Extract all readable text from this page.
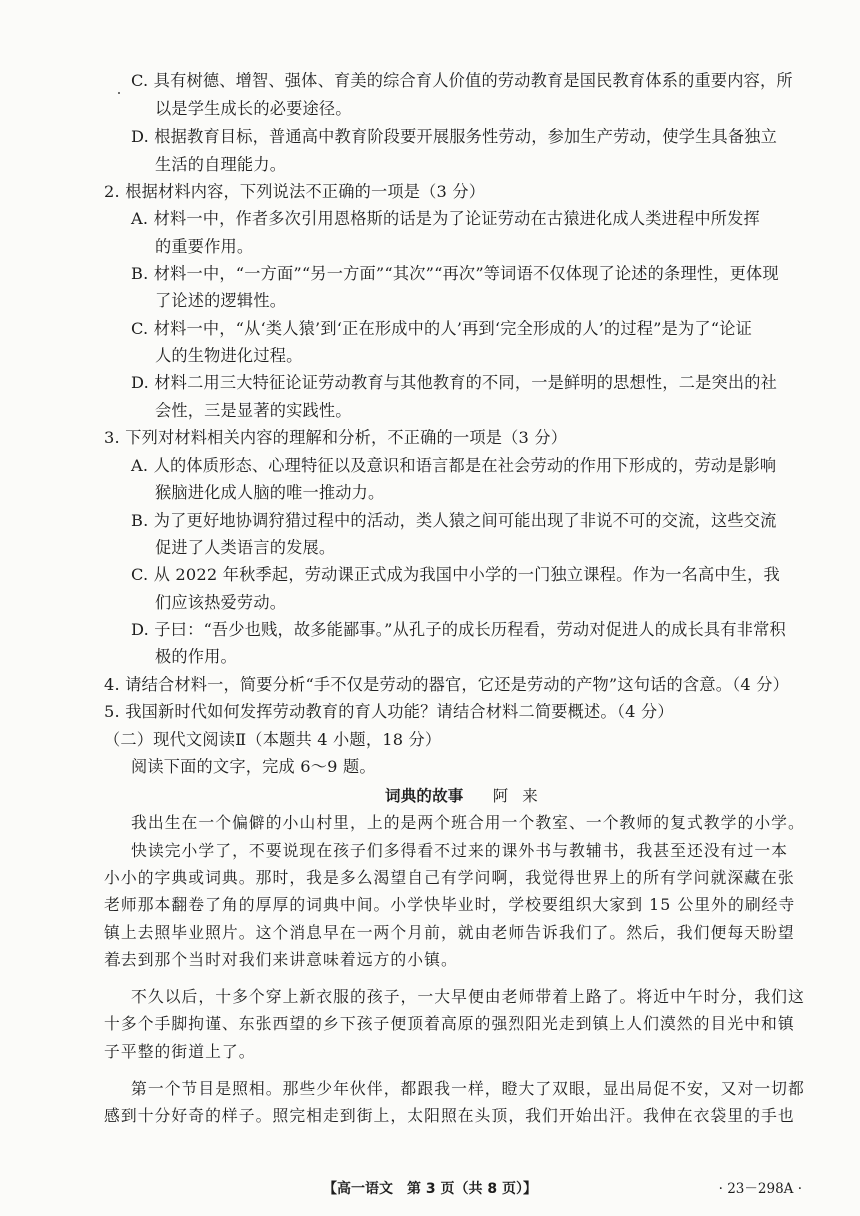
C. 具有树德、增智、强体、育美的综合育人价值的劳动教育是国民教育体系的重要内容，所
以是学生成长的必要途径。
D. 根据教育目标，普通高中教育阶段要开展服务性劳动，参加生产劳动，使学生具备独立
生活的自理能力。
2. 根据材料内容，下列说法不正确的一项是（3 分）
A. 材料一中，作者多次引用恩格斯的话是为了论证劳动在古猿进化成人类进程中所发挥
的重要作用。
B. 材料一中，“一方面”“另一方面”“其次”“再次”等词语不仅体现了论述的条理性，更体现
了论述的逻辑性。
C. 材料一中，“从‘类人猿’到‘正在形成中的人’再到‘完全形成的人’的过程”是为了“论证
人的生物进化过程。
D. 材料二用三大特征论证劳动教育与其他教育的不同，一是鲜明的思想性，二是突出的社
会性，三是显著的实践性。
3. 下列对材料相关内容的理解和分析，不正确的一项是（3 分）
A. 人的体质形态、心理特征以及意识和语言都是在社会劳动的作用下形成的，劳动是影响
猴脑进化成人脑的唯一推动力。
B. 为了更好地协调狩猎过程中的活动，类人猿之间可能出现了非说不可的交流，这些交流
促进了人类语言的发展。
C. 从 2022 年秋季起，劳动课正式成为我国中小学的一门独立课程。作为一名高中生，我
们应该热爱劳动。
D. 子曰：“吾少也贱，故多能鄙事。”从孔子的成长历程看，劳动对促进人的成长具有非常积
极的作用。
4. 请结合材料一，简要分析“手不仅是劳动的器官，它还是劳动的产物”这句话的含意。（4 分）
5. 我国新时代如何发挥劳动教育的育人功能？请结合材料二简要概述。（4 分）
（二）现代文阅读Ⅱ（本题共 4 小题，18 分）
阅读下面的文字，完成 6～9 题。
词典的故事 阿来
我出生在一个偏僻的小山村里，上的是两个班合用一个教室、一个教师的复式教学的小学。
快读完小学了，不要说现在孩子们多得看不过来的课外书与教辅书，我甚至还没有过一本
小小的字典或词典。那时，我是多么渴望自己有学问啊，我觉得世界上的所有学问就深藏在张
老师那本翻卷了角的厚厚的词典中间。小学快毕业时，学校要组织大家到 15 公里外的刷经寺
镇上去照毕业照片。这个消息早在一两个月前，就由老师告诉我们了。然后，我们便每天盼望
着去到那个当时对我们来讲意味着远方的小镇。
不久以后，十多个穿上新衣服的孩子，一大早便由老师带着上路了。将近中午时分，我们这
十多个手脚拘谨、东张西望的乡下孩子便顶着高原的强烈阳光走到镇上人们漠然的目光中和镇
子平整的街道上了。
第一个节目是照相。那些少年伙伴，都跟我一样，瞪大了双眼，显出局促不安，又对一切都
感到十分好奇的样子。照完相走到街上，太阳照在头顶，我们开始出汗。我伸在衣袋里的手也
【高一语文　第 3 页（共 8 页）】	· 23－298A ·
